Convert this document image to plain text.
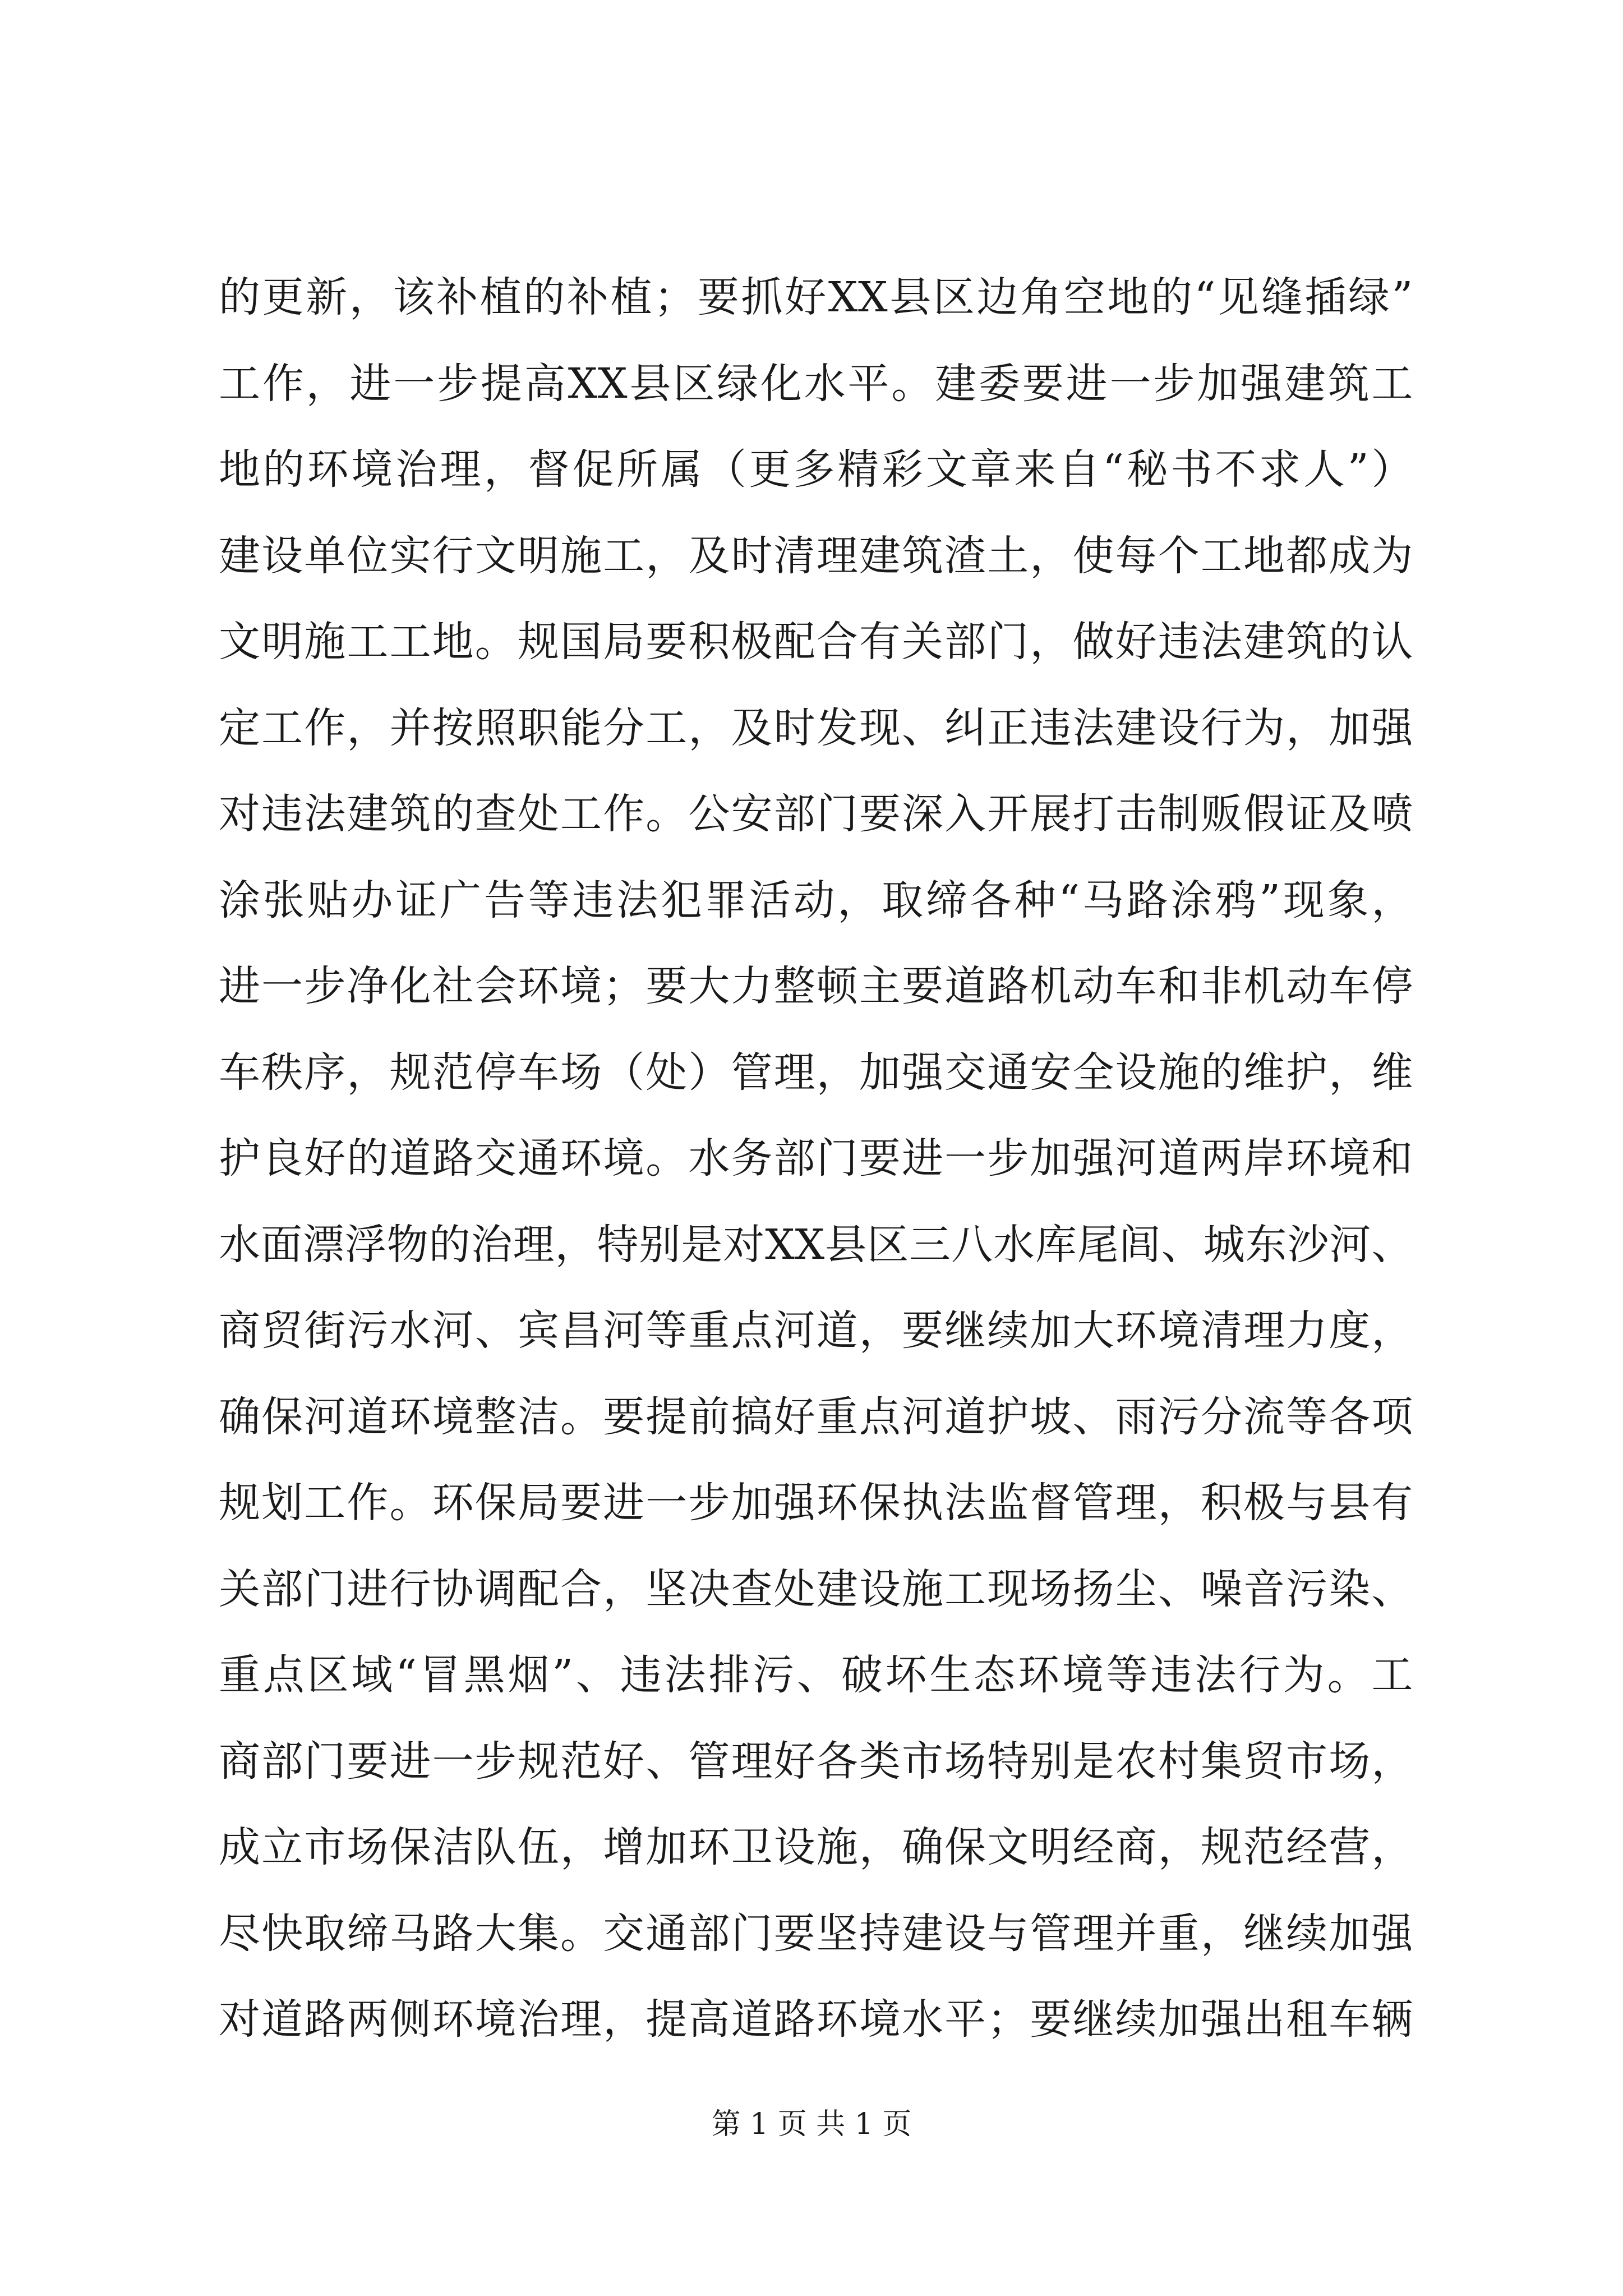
的更新，该补植的补植；要抓好XX县区边角空地的“见缝插绿”
工作，进一步提高XX县区绿化水平。建委要进一步加强建筑工
地的环境治理，督促所属（更多精彩文章来自“秘书不求人”）
建设单位实行文明施工，及时清理建筑渣土，使每个工地都成为
文明施工工地。规国局要积极配合有关部门，做好违法建筑的认
定工作，并按照职能分工，及时发现、纠正违法建设行为，加强
对违法建筑的查处工作。公安部门要深入开展打击制贩假证及喷
涂张贴办证广告等违法犯罪活动，取缔各种“马路涂鸦”现象，
进一步净化社会环境；要大力整顿主要道路机动车和非机动车停
车秩序，规范停车场（处）管理，加强交通安全设施的维护，维
护良好的道路交通环境。水务部门要进一步加强河道两岸环境和
水面漂浮物的治理，特别是对XX县区三八水库尾闾、城东沙河、
商贸街污水河、宾昌河等重点河道，要继续加大环境清理力度，
确保河道环境整洁。要提前搞好重点河道护坡、雨污分流等各项
规划工作。环保局要进一步加强环保执法监督管理，积极与县有
关部门进行协调配合，坚决查处建设施工现场扬尘、噪音污染、
重点区域“冒黑烟”、违法排污、破坏生态环境等违法行为。工
商部门要进一步规范好、管理好各类市场特别是农村集贸市场，
成立市场保洁队伍，增加环卫设施，确保文明经商，规范经营，
尽快取缔马路大集。交通部门要坚持建设与管理并重，继续加强
对道路两侧环境治理，提高道路环境水平；要继续加强出租车辆
第 1 页 共 1 页
